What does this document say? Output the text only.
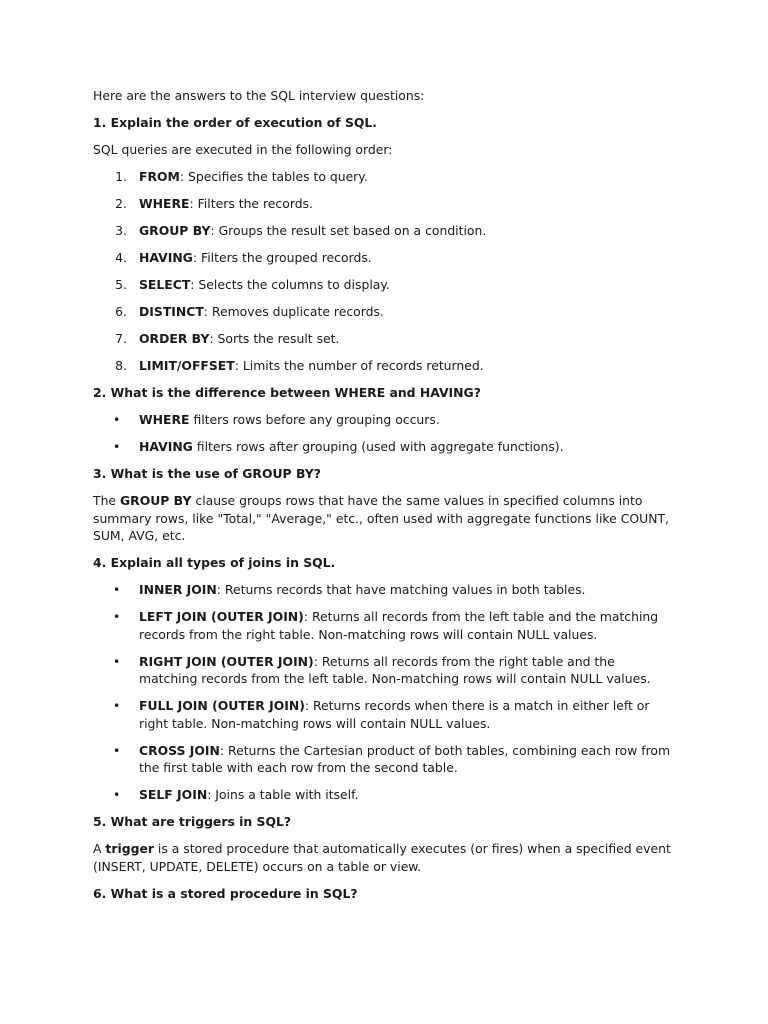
Here are the answers to the SQL interview questions:

1. Explain the order of execution of SQL.

SQL queries are executed in the following order:

1. FROM: Specifies the tables to query.
2. WHERE: Filters the records.
3. GROUP BY: Groups the result set based on a condition.
4. HAVING: Filters the grouped records.
5. SELECT: Selects the columns to display.
6. DISTINCT: Removes duplicate records.
7. ORDER BY: Sorts the result set.
8. LIMIT/OFFSET: Limits the number of records returned.

2. What is the difference between WHERE and HAVING?

• WHERE filters rows before any grouping occurs.
• HAVING filters rows after grouping (used with aggregate functions).

3. What is the use of GROUP BY?

The GROUP BY clause groups rows that have the same values in specified columns into summary rows, like "Total," "Average," etc., often used with aggregate functions like COUNT, SUM, AVG, etc.

4. Explain all types of joins in SQL.

• INNER JOIN: Returns records that have matching values in both tables.
• LEFT JOIN (OUTER JOIN): Returns all records from the left table and the matching records from the right table. Non-matching rows will contain NULL values.
• RIGHT JOIN (OUTER JOIN): Returns all records from the right table and the matching records from the left table. Non-matching rows will contain NULL values.
• FULL JOIN (OUTER JOIN): Returns records when there is a match in either left or right table. Non-matching rows will contain NULL values.
• CROSS JOIN: Returns the Cartesian product of both tables, combining each row from the first table with each row from the second table.
• SELF JOIN: Joins a table with itself.

5. What are triggers in SQL?

A trigger is a stored procedure that automatically executes (or fires) when a specified event (INSERT, UPDATE, DELETE) occurs on a table or view.

6. What is a stored procedure in SQL?
